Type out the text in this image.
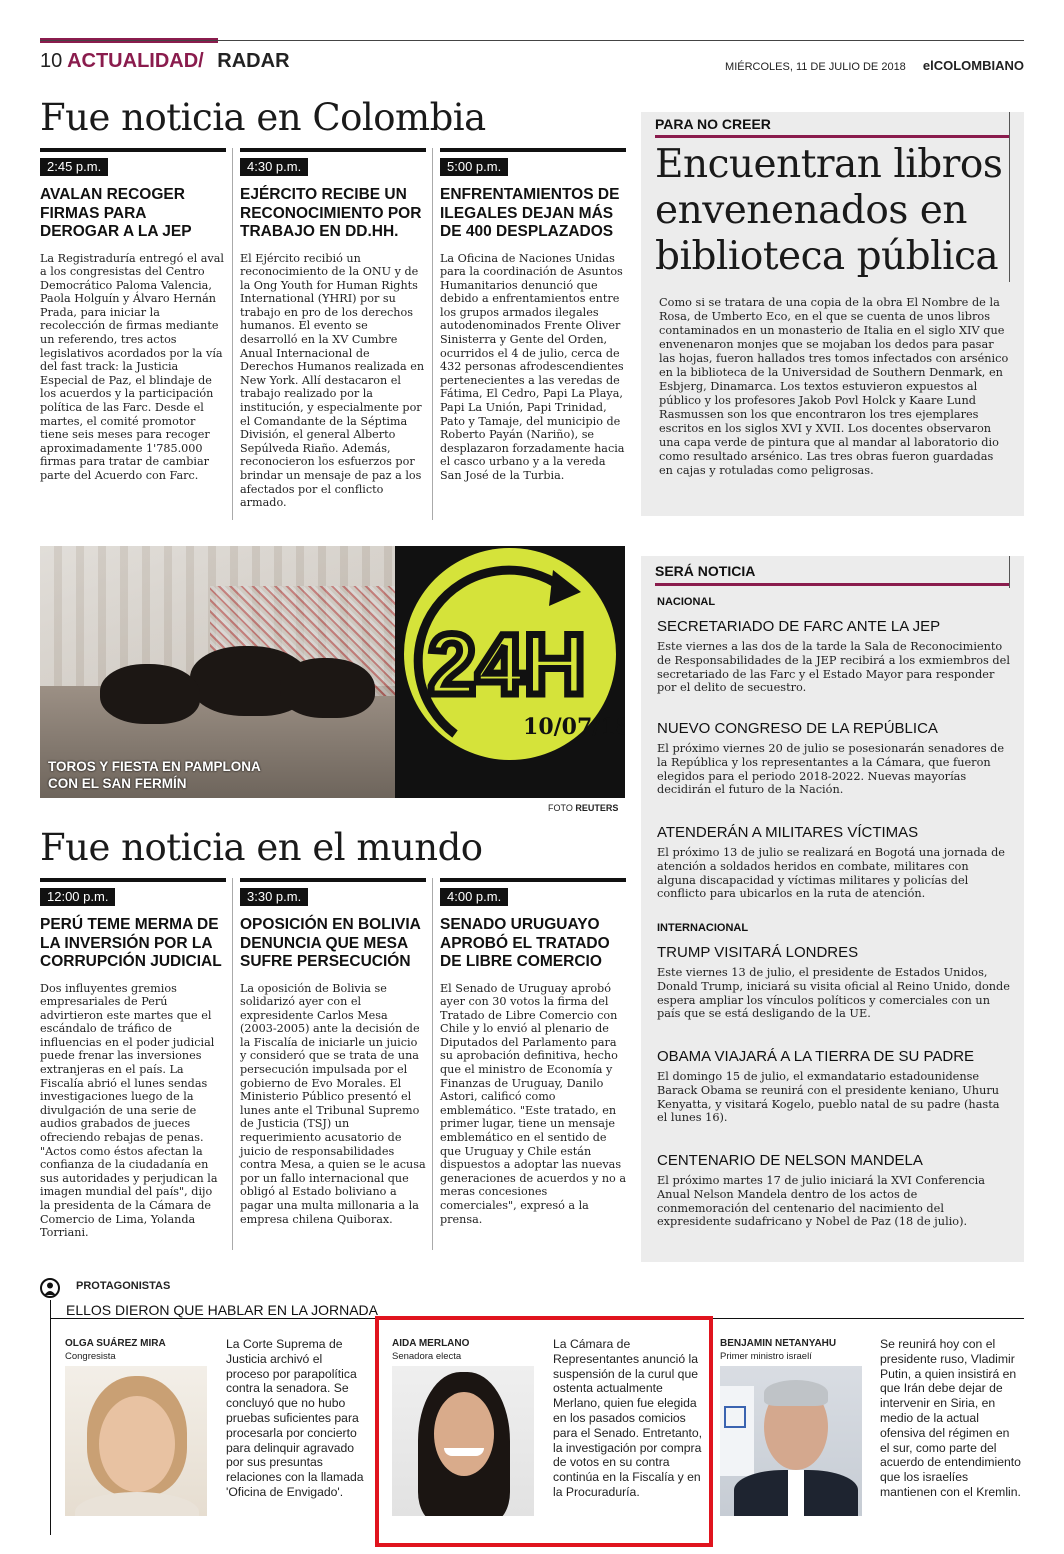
10 ACTUALIDAD/ RADAR	MIÉRCOLES, 11 DE JULIO DE 2018 elCOLOMBIANO
Fue noticia en Colombia
2:45 p.m.
AVALAN RECOGER FIRMAS PARA DEROGAR A LA JEP

La Registraduría entregó el aval a los congresistas del Centro Democrático Paloma Valencia, Paola Holguín y Álvaro Hernán Prada, para iniciar la recolección de firmas mediante un referendo, tres actos legislativos acordados por la vía del fast track: la Justicia Especial de Paz, el blindaje de los acuerdos y la participación política de las Farc. Desde el martes, el comité promotor tiene seis meses para recoger aproximadamente 1'785.000 firmas para tratar de cambiar parte del Acuerdo con Farc.

4:30 p.m.
EJÉRCITO RECIBE UN RECONOCIMIENTO POR TRABAJO EN DD.HH.

El Ejército recibió un reconocimiento de la ONU y de la Ong Youth for Human Rights International (YHRI) por su trabajo en pro de los derechos humanos. El evento se desarrolló en la XV Cumbre Anual Internacional de Derechos Humanos realizada en New York. Allí destacaron el trabajo realizado por la institución, y especialmente por el Comandante de la Séptima División, el general Alberto Sepúlveda Riaño. Además, reconocieron los esfuerzos por brindar un mensaje de paz a los afectados por el conflicto armado.

5:00 p.m.
ENFRENTAMIENTOS DE ILEGALES DEJAN MÁS DE 400 DESPLAZADOS

La Oficina de Naciones Unidas para la coordinación de Asuntos Humanitarios denunció que debido a enfrentamientos entre los grupos armados ilegales autodenominados Frente Oliver Sinisterra y Gente del Orden, ocurridos el 4 de julio, cerca de 432 personas afrodescendientes pertenecientes a las veredas de Fátima, El Cedro, Papi La Playa, Papi La Unión, Papi Trinidad, Pato y Tamaje, del municipio de Roberto Payán (Nariño), se desplazaron forzadamente hacia el casco urbano y a la vereda San José de la Turbia.

PARA NO CREER
Encuentran libros envenenados en biblioteca pública
Como si se tratara de una copia de la obra El Nombre de la Rosa, de Umberto Eco, en el que se cuenta de unos libros contaminados en un monasterio de Italia en el siglo XIV que envenenaron monjes que se mojaban los dedos para pasar las hojas, fueron hallados tres tomos infectados con arsénico en la biblioteca de la Universidad de Southern Denmark, en Esbjerg, Dinamarca. Los textos estuvieron expuestos al público y los profesores Jakob Povl Holck y Kaare Lund Rasmussen son los que encontraron los tres ejemplares escritos en los siglos XVI y XVII. Los docentes observaron una capa verde de pintura que al mandar al laboratorio dio como resultado arsénico. Las tres obras fueron guardadas en cajas y rotuladas como peligrosas.
24H
10/07/18
TOROS Y FIESTA EN PAMPLONA
CON EL SAN FERMÍN
FOTO REUTERS
SERÁ NOTICIA
NACIONAL
SECRETARIADO DE FARC ANTE LA JEP
Este viernes a las dos de la tarde la Sala de Reconocimiento de Responsabilidades de la JEP recibirá a los exmiembros del secretariado de las Farc y el Estado Mayor para responder por el delito de secuestro.
NUEVO CONGRESO DE LA REPÚBLICA
El próximo viernes 20 de julio se posesionarán senadores de la República y los representantes a la Cámara, que fueron elegidos para el periodo 2018-2022. Nuevas mayorías decidirán el futuro de la Nación.
ATENDERÁN A MILITARES VÍCTIMAS
El próximo 13 de julio se realizará en Bogotá una jornada de atención a soldados heridos en combate, militares con alguna discapacidad y víctimas militares y policías del conflicto para ubicarlos en la ruta de atención.
INTERNACIONAL
TRUMP VISITARÁ LONDRES
Este viernes 13 de julio, el presidente de Estados Unidos, Donald Trump, iniciará su visita oficial al Reino Unido, donde espera ampliar los vínculos políticos y comerciales con un país que se está desligando de la UE.
OBAMA VIAJARÁ A LA TIERRA DE SU PADRE
El domingo 15 de julio, el exmandatario estadounidense Barack Obama se reunirá con el presidente keniano, Uhuru Kenyatta, y visitará Kogelo, pueblo natal de su padre (hasta el lunes 16).
CENTENARIO DE NELSON MANDELA
El próximo martes 17 de julio iniciará la XVI Conferencia Anual Nelson Mandela dentro de los actos de conmemoración del centenario del nacimiento del expresidente sudafricano y Nobel de Paz (18 de julio).
Fue noticia en el mundo
12:00 p.m.
PERÚ TEME MERMA DE LA INVERSIÓN POR LA CORRUPCIÓN JUDICIAL

Dos influyentes gremios empresariales de Perú advirtieron este martes que el escándalo de tráfico de influencias en el poder judicial puede frenar las inversiones extranjeras en el país. La Fiscalía abrió el lunes sendas investigaciones luego de la divulgación de una serie de audios grabados de jueces ofreciendo rebajas de penas. "Actos como éstos afectan la confianza de la ciudadanía en sus autoridades y perjudican la imagen mundial del país", dijo la presidenta de la Cámara de Comercio de Lima, Yolanda Torriani.

3:30 p.m.
OPOSICIÓN EN BOLIVIA DENUNCIA QUE MESA SUFRE PERSECUCIÓN

La oposición de Bolivia se solidarizó ayer con el expresidente Carlos Mesa (2003-2005) ante la decisión de la Fiscalía de iniciarle un juicio y consideró que se trata de una persecución impulsada por el gobierno de Evo Morales. El Ministerio Público presentó el lunes ante el Tribunal Supremo de Justicia (TSJ) un requerimiento acusatorio de juicio de responsabilidades contra Mesa, a quien se le acusa por un fallo internacional que obligó al Estado boliviano a pagar una multa millonaria a la empresa chilena Quiborax.

4:00 p.m.
SENADO URUGUAYO APROBÓ EL TRATADO DE LIBRE COMERCIO

El Senado de Uruguay aprobó ayer con 30 votos la firma del Tratado de Libre Comercio con Chile y lo envió al plenario de Diputados del Parlamento para su aprobación definitiva, hecho que el ministro de Economía y Finanzas de Uruguay, Danilo Astori, calificó como emblemático. "Este tratado, en primer lugar, tiene un mensaje emblemático en el sentido de que Uruguay y Chile están dispuestos a adoptar las nuevas generaciones de acuerdos y no a meras concesiones comerciales", expresó a la prensa.

PROTAGONISTAS
ELLOS DIERON QUE HABLAR EN LA JORNADA
OLGA SUÁREZ MIRA
Congresista
La Corte Suprema de Justicia archivó el proceso por parapolítica contra la senadora. Se concluyó que no hubo pruebas suficientes para procesarla por concierto para delinquir agravado por sus presuntas relaciones con la llamada 'Oficina de Envigado'.
AIDA MERLANO
Senadora electa
La Cámara de Representantes anunció la suspensión de la curul que ostenta actualmente Merlano, quien fue elegida en los pasados comicios para el Senado. Entretanto, la investigación por compra de votos en su contra continúa en la Fiscalía y en la Procuraduría.
BENJAMIN NETANYAHU
Primer ministro israelí
Se reunirá hoy con el presidente ruso, Vladimir Putin, a quien insistirá en que Irán debe dejar de intervenir en Siria, en medio de la actual ofensiva del régimen en el sur, como parte del acuerdo de entendimiento que los israelíes mantienen con el Kremlin.
